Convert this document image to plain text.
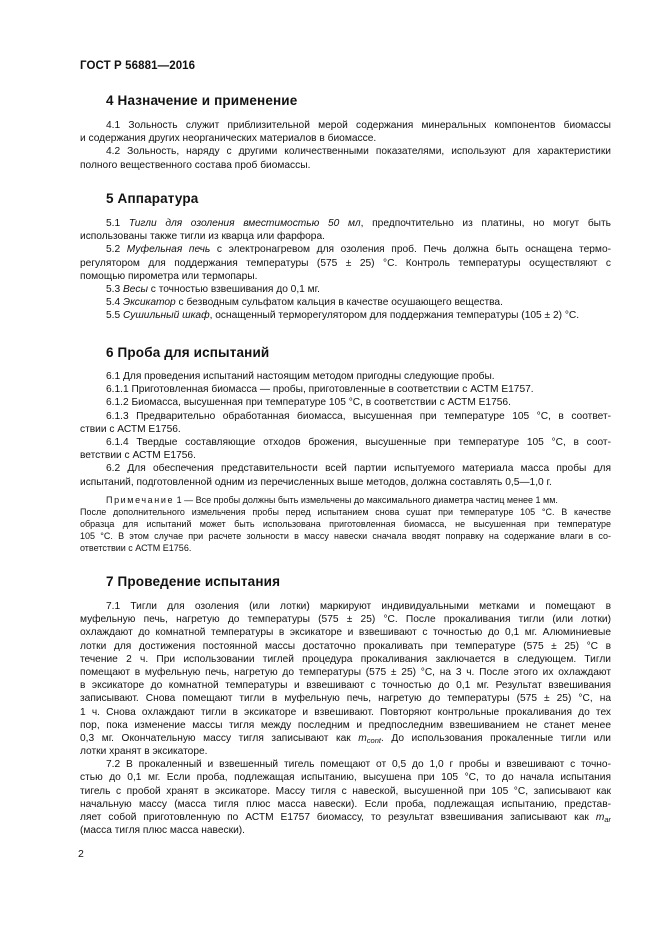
ГОСТ Р 56881—2016
4 Назначение и применение
4.1 Зольность служит приблизительной мерой содержания минеральных компонентов биомассы
и содержания других неорганических материалов в биомассе.
4.2 Зольность, наряду с другими количественными показателями, используют для характеристики
полного вещественного состава проб биомассы.
5 Аппаратура
5.1 Тигли для озоления вместимостью 50 мл, предпочтительно из платины, но могут быть
использованы также тигли из кварца или фарфора.
5.2 Муфельная печь с электронагревом для озоления проб. Печь должна быть оснащена термо-
регулятором для поддержания температуры (575 ± 25) °С. Контроль температуры осуществляют с
помощью пирометра или термопары.
5.3 Весы с точностью взвешивания до 0,1 мг.
5.4 Эксикатор с безводным сульфатом кальция в качестве осушающего вещества.
5.5 Сушильный шкаф, оснащенный терморегулятором для поддержания температуры (105 ± 2) °С.
6 Проба для испытаний
6.1 Для проведения испытаний настоящим методом пригодны следующие пробы.
6.1.1 Приготовленная биомасса — пробы, приготовленные в соответствии с АСТМ Е1757.
6.1.2 Биомасса, высушенная при температуре 105 °С, в соответствии с АСТМ Е1756.
6.1.3 Предварительно обработанная биомасса, высушенная при температуре 105 °С, в соответ-
ствии с АСТМ Е1756.
6.1.4 Твердые составляющие отходов брожения, высушенные при температуре 105 °С, в соот-
ветствии с АСТМ Е1756.
6.2 Для обеспечения представительности всей партии испытуемого материала масса пробы для
испытаний, подготовленной одним из перечисленных выше методов, должна составлять 0,5—1,0 г.
Примечание 1 — Все пробы должны быть измельчены до максимального диаметра частиц менее 1 мм.
После дополнительного измельчения пробы перед испытанием снова сушат при температуре 105 °С. В качестве
образца для испытаний может быть использована приготовленная биомасса, не высушенная при температуре
105 °С. В этом случае при расчете зольности в массу навески сначала вводят поправку на содержание влаги в со-
ответствии с АСТМ Е1756.
7 Проведение испытания
7.1 Тигли для озоления (или лотки) маркируют индивидуальными метками и помещают в
муфельную печь, нагретую до температуры (575 ± 25) °С. После прокаливания тигли (или лотки)
охлаждают до комнатной температуры в эксикаторе и взвешивают с точностью до 0,1 мг. Алюминиевые
лотки для достижения постоянной массы достаточно прокаливать при температуре (575 ± 25) °С в
течение 2 ч. При использовании тиглей процедура прокаливания заключается в следующем. Тигли
помещают в муфельную печь, нагретую до температуры (575 ± 25) °С, на 3 ч. После этого их охлаждают
в эксикаторе до комнатной температуры и взвешивают с точностью до 0,1 мг. Результат взвешивания
записывают. Снова помещают тигли в муфельную печь, нагретую до температуры (575 ± 25) °С, на
1 ч. Снова охлаждают тигли в эксикаторе и взвешивают. Повторяют контрольные прокаливания до тех
пор, пока изменение массы тигля между последним и предпоследним взвешиванием не станет менее
0,3 мг. Окончательную массу тигля записывают как $m_{cont}$. До использования прокаленные тигли или
лотки хранят в эксикаторе.
7.2 В прокаленный и взвешенный тигель помещают от 0,5 до 1,0 г пробы и взвешивают с точно-
стью до 0,1 мг. Если проба, подлежащая испытанию, высушена при 105 °С, то до начала испытания
тигель с пробой хранят в эксикаторе. Массу тигля с навеской, высушенной при 105 °С, записывают как
начальную массу (масса тигля плюс масса навески). Если проба, подлежащая испытанию, представ-
ляет собой приготовленную по АСТМ Е1757 биомассу, то результат взвешивания записывают как $m_{ar}$
(масса тигля плюс масса навески).
2
